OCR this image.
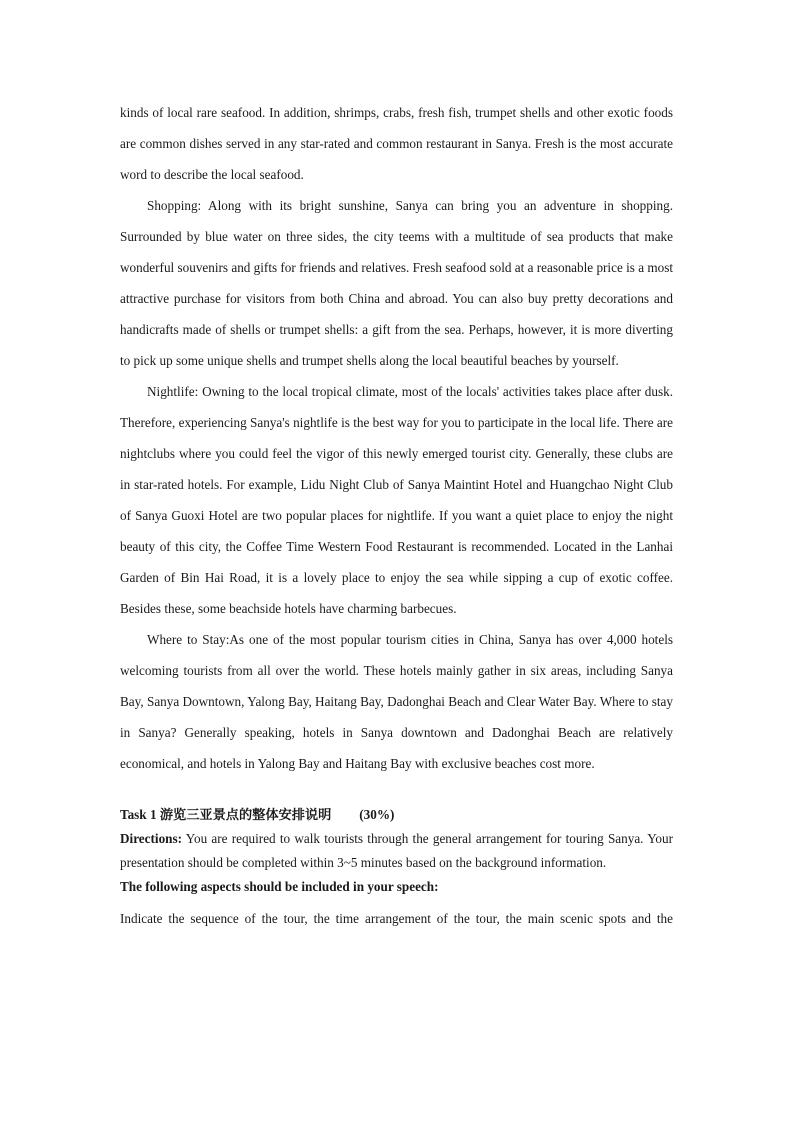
kinds of local rare seafood. In addition, shrimps, crabs, fresh fish, trumpet shells and other exotic foods are common dishes served in any star-rated and common restaurant in Sanya. Fresh is the most accurate word to describe the local seafood.

Shopping: Along with its bright sunshine, Sanya can bring you an adventure in shopping. Surrounded by blue water on three sides, the city teems with a multitude of sea products that make wonderful souvenirs and gifts for friends and relatives. Fresh seafood sold at a reasonable price is a most attractive purchase for visitors from both China and abroad. You can also buy pretty decorations and handicrafts made of shells or trumpet shells: a gift from the sea. Perhaps, however, it is more diverting to pick up some unique shells and trumpet shells along the local beautiful beaches by yourself.

Nightlife: Owning to the local tropical climate, most of the locals' activities takes place after dusk. Therefore, experiencing Sanya's nightlife is the best way for you to participate in the local life. There are nightclubs where you could feel the vigor of this newly emerged tourist city. Generally, these clubs are in star-rated hotels. For example, Lidu Night Club of Sanya Maintint Hotel and Huangchao Night Club of Sanya Guoxi Hotel are two popular places for nightlife. If you want a quiet place to enjoy the night beauty of this city, the Coffee Time Western Food Restaurant is recommended. Located in the Lanhai Garden of Bin Hai Road, it is a lovely place to enjoy the sea while sipping a cup of exotic coffee. Besides these, some beachside hotels have charming barbecues.

Where to Stay:As one of the most popular tourism cities in China, Sanya has over 4,000 hotels welcoming tourists from all over the world. These hotels mainly gather in six areas, including Sanya Bay, Sanya Downtown, Yalong Bay, Haitang Bay, Dadonghai Beach and Clear Water Bay. Where to stay in Sanya? Generally speaking, hotels in Sanya downtown and Dadonghai Beach are relatively economical, and hotels in Yalong Bay and Haitang Bay with exclusive beaches cost more.

Task 1 游览三亚景点的整体安排说明 (30%)

Directions: You are required to walk tourists through the general arrangement for touring Sanya. Your presentation should be completed within 3~5 minutes based on the background information.

The following aspects should be included in your speech:

Indicate the sequence of the tour, the time arrangement of the tour, the main scenic spots and the
